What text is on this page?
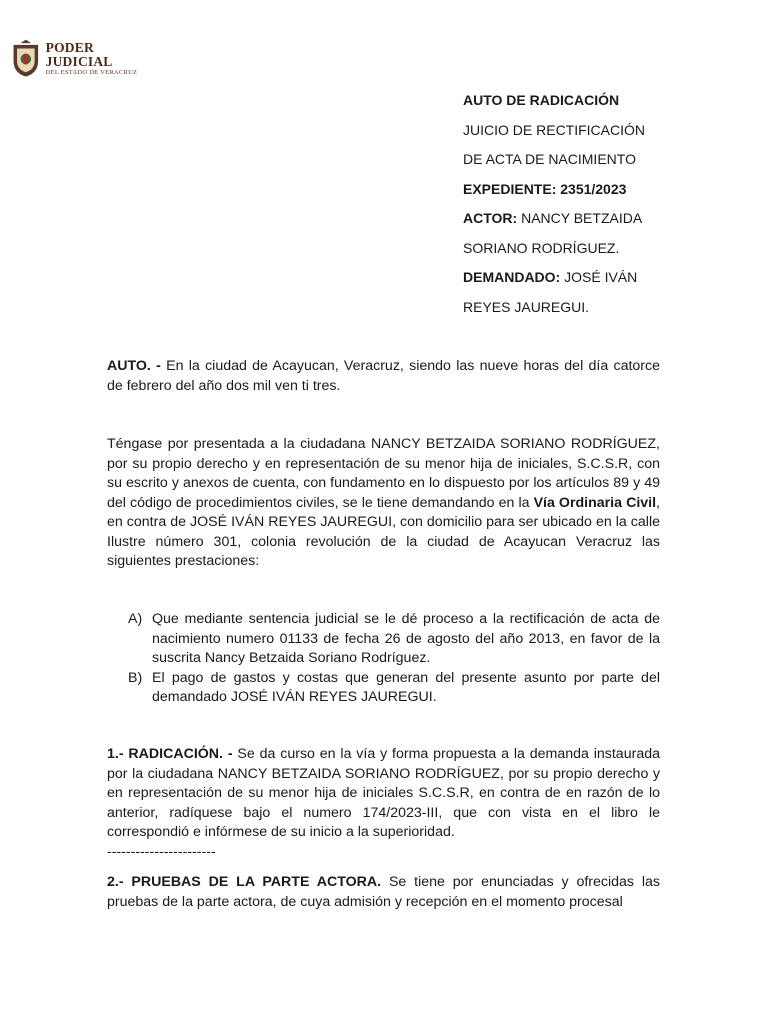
PODER JUDICIAL
DEL ESTADO DE VERACRUZ
AUTO DE RADICACIÓN
JUICIO DE RECTIFICACIÓN
DE ACTA DE NACIMIENTO
EXPEDIENTE: 2351/2023
ACTOR: NANCY BETZAIDA
SORIANO RODRÍGUEZ.
DEMANDADO: JOSÉ IVÁN
REYES JAUREGUI.
AUTO. - En la ciudad de Acayucan, Veracruz, siendo las nueve horas del día catorce de febrero del año dos mil ven ti tres.
Téngase por presentada a la ciudadana NANCY BETZAIDA SORIANO RODRÍGUEZ, por su propio derecho y en representación de su menor hija de iniciales, S.C.S.R, con su escrito y anexos de cuenta, con fundamento en lo dispuesto por los artículos 89 y 49 del código de procedimientos civiles, se le tiene demandando en la Vía Ordinaria Civil, en contra de JOSÉ IVÁN REYES JAUREGUI, con domicilio para ser ubicado en la calle Ilustre número 301, colonia revolución de la ciudad de Acayucan Veracruz las siguientes prestaciones:
A) Que mediante sentencia judicial se le dé proceso a la rectificación de acta de nacimiento numero 01133 de fecha 26 de agosto del año 2013, en favor de la suscrita Nancy Betzaida Soriano Rodríguez.
B) El pago de gastos y costas que generan del presente asunto por parte del demandado JOSÉ IVÁN REYES JAUREGUI.
1.- RADICACIÓN. - Se da curso en la vía y forma propuesta a la demanda instaurada por la ciudadana NANCY BETZAIDA SORIANO RODRÍGUEZ, por su propio derecho y en representación de su menor hija de iniciales S.C.S.R, en contra de en razón de lo anterior, radíquese bajo el numero 174/2023-III, que con vista en el libro le correspondió e infórmese de su inicio a la superioridad.
-----------------------
2.- PRUEBAS DE LA PARTE ACTORA. Se tiene por enunciadas y ofrecidas las pruebas de la parte actora, de cuya admisión y recepción en el momento procesal
